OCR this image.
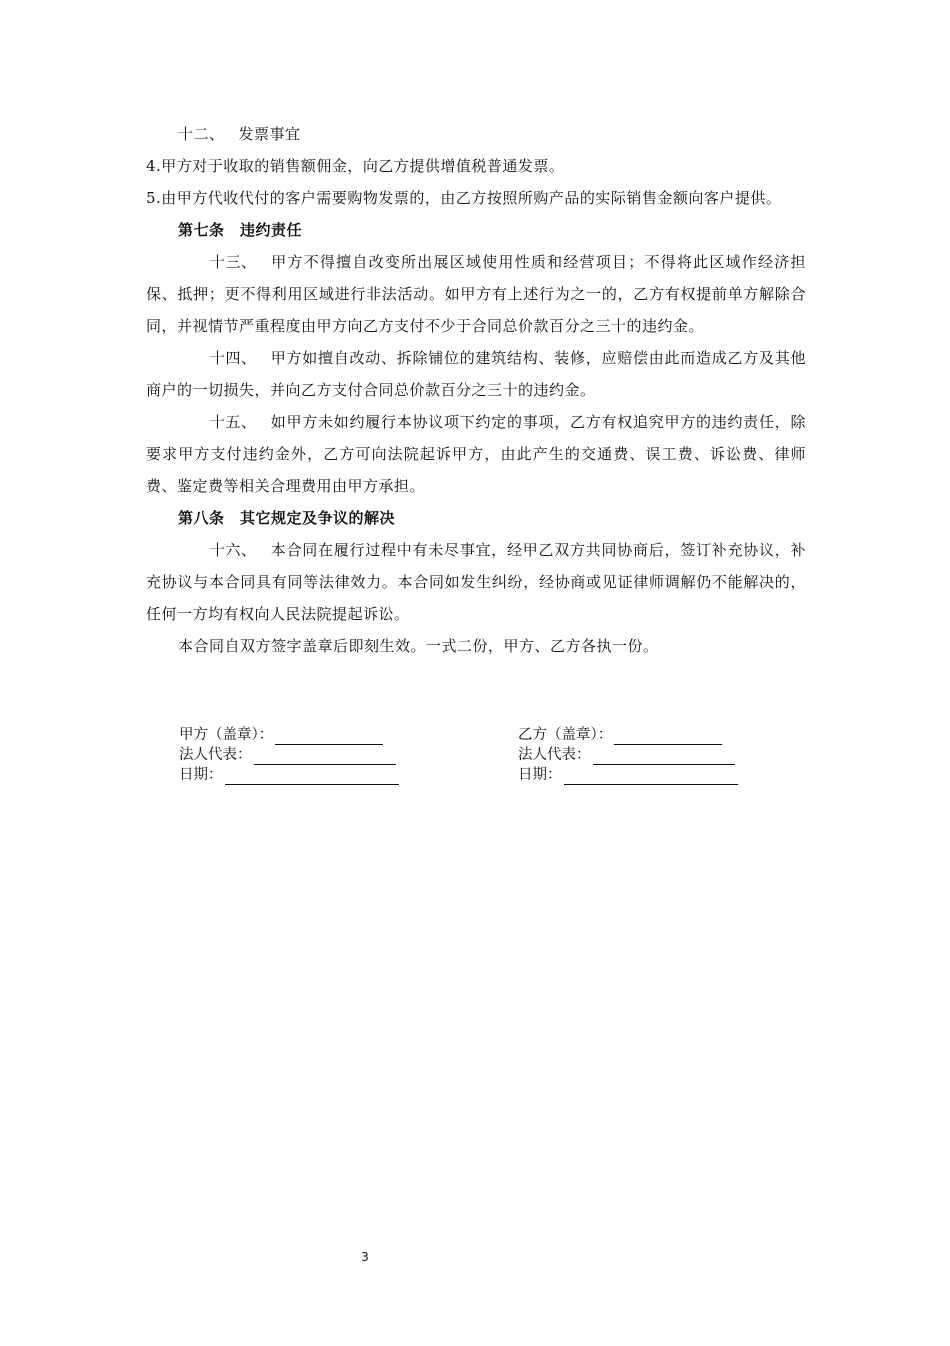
十二、 发票事宜
4.甲方对于收取的销售额佣金，向乙方提供增值税普通发票。
5.由甲方代收代付的客户需要购物发票的，由乙方按照所购产品的实际销售金额向客户提供。
第七条　违约责任
十三、 甲方不得擅自改变所出展区域使用性质和经营项目；不得将此区域作经济担保、抵押；更不得利用区域进行非法活动。如甲方有上述行为之一的，乙方有权提前单方解除合同，并视情节严重程度由甲方向乙方支付不少于合同总价款百分之三十的违约金。
十四、 甲方如擅自改动、拆除铺位的建筑结构、装修，应赔偿由此而造成乙方及其他商户的一切损失，并向乙方支付合同总价款百分之三十的违约金。
十五、 如甲方未如约履行本协议项下约定的事项，乙方有权追究甲方的违约责任，除要求甲方支付违约金外，乙方可向法院起诉甲方，由此产生的交通费、误工费、诉讼费、律师费、鉴定费等相关合理费用由甲方承担。
第八条　其它规定及争议的解决
十六、 本合同在履行过程中有未尽事宜，经甲乙双方共同协商后，签订补充协议，补充协议与本合同具有同等法律效力。本合同如发生纠纷，经协商或见证律师调解仍不能解决的，任何一方均有权向人民法院提起诉讼。
本合同自双方签字盖章后即刻生效。一式二份，甲方、乙方各执一份。
甲方（盖章）：
法人代表：
日期：
乙方（盖章）：
法人代表：
日期：
3
